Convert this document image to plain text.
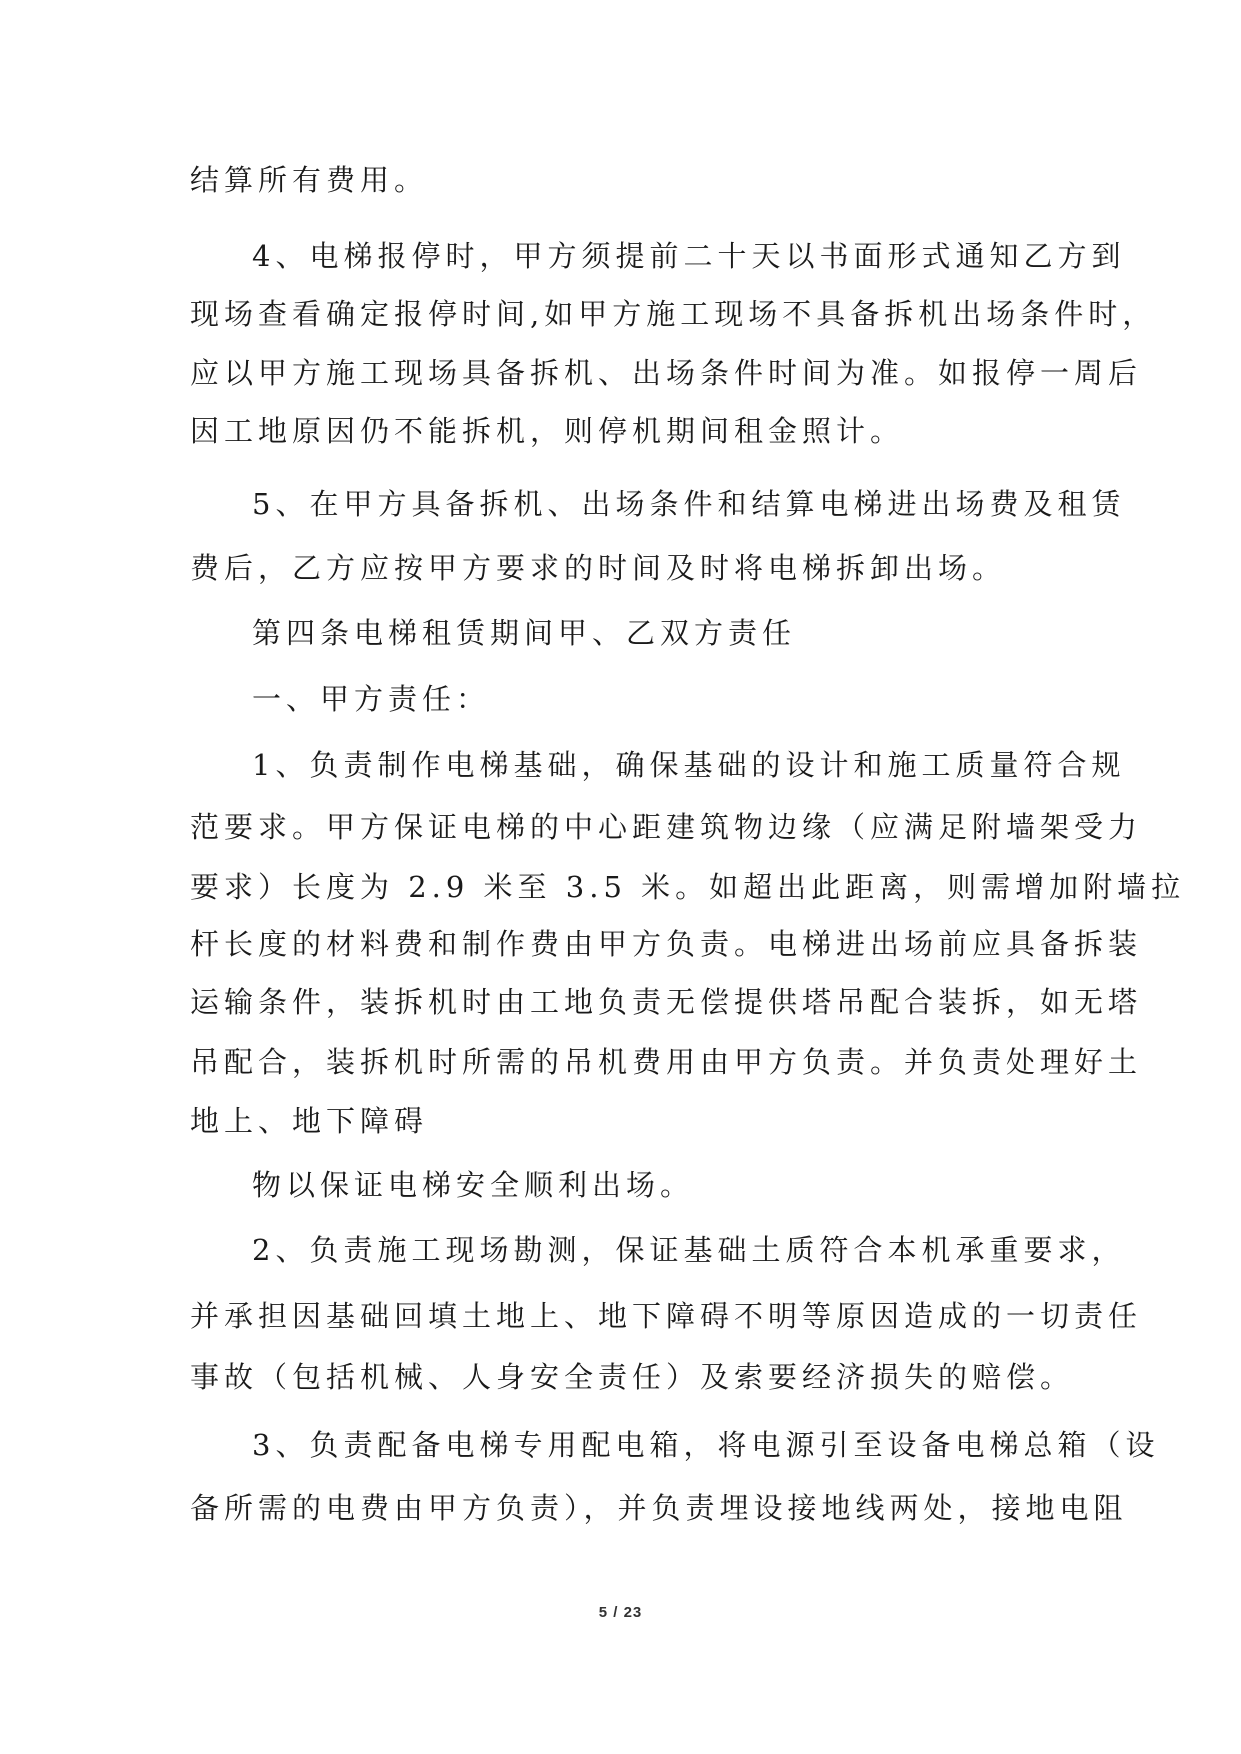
结算所有费用。
4、电梯报停时，甲方须提前二十天以书面形式通知乙方到
现场查看确定报停时间,如甲方施工现场不具备拆机出场条件时，
应以甲方施工现场具备拆机、出场条件时间为准。如报停一周后
因工地原因仍不能拆机，则停机期间租金照计。
5、在甲方具备拆机、出场条件和结算电梯进出场费及租赁
费后，乙方应按甲方要求的时间及时将电梯拆卸出场。
第四条电梯租赁期间甲、乙双方责任
一、甲方责任：
1、负责制作电梯基础，确保基础的设计和施工质量符合规
范要求。甲方保证电梯的中心距建筑物边缘（应满足附墙架受力
要求）长度为 2.9 米至 3.5 米。如超出此距离，则需增加附墙拉
杆长度的材料费和制作费由甲方负责。电梯进出场前应具备拆装
运输条件，装拆机时由工地负责无偿提供塔吊配合装拆，如无塔
吊配合，装拆机时所需的吊机费用由甲方负责。并负责处理好土
地上、地下障碍
物以保证电梯安全顺利出场。
2、负责施工现场勘测，保证基础土质符合本机承重要求，
并承担因基础回填土地上、地下障碍不明等原因造成的一切责任
事故（包括机械、人身安全责任）及索要经济损失的赔偿。
3、负责配备电梯专用配电箱，将电源引至设备电梯总箱（设
备所需的电费由甲方负责），并负责埋设接地线两处，接地电阻
5 / 23
